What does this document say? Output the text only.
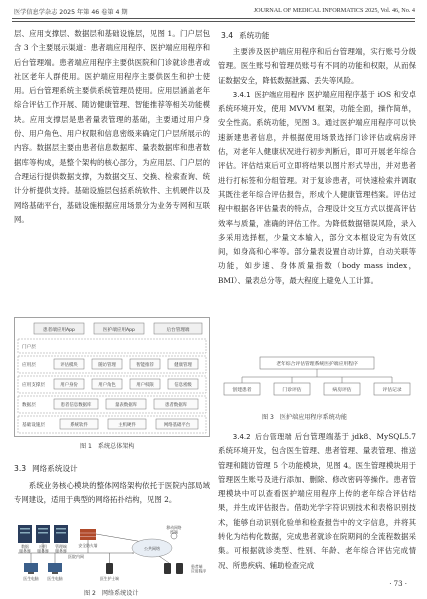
医学信息学杂志 2025 年第 46 卷第 4 期	JOURNAL OF MEDICAL INFORMATICS 2025, Vol. 46, No. 4

层、应用支撑层、数据层和基础设施层，见图 1。门户层包含 3 个主要展示渠道：患者端应用程序、医护端应用程序和后台管理端。患者端应用程序主要供医院和门诊就诊患者或社区老年人群使用。医护端应用程序主要供医生和护士使用。后台管理系统主要供系统管理员使用。应用层涵盖老年综合评估工作开展、随访健康管理、智能推荐等相关功能模块。应用支撑层是患者量表管理的基础，主要通过用户身份、用户角色、用户权限和信息密级来确定门户层所展示的内容。数据层主要由患者信息数据库、量表数据库和患者数据库等构成，是整个架构的核心部分，为应用层、门户层的合理运行提供数据支撑，为数据交互、交换、检索查询、统计分析提供支持。基础设施层包括系统软件、主机硬件以及网络基础平台，基础设施根据应用场景分为业务专网和互联网。

患者端应用App	医护端应用App	后台管理端
门户层
应用层	评估模块	随访管理	智能推荐	健康管理
应用支撑层	用户身份	用户角色	用户权限	信息密级
数据层	患者信息数据库	量表数据库	患者数据库
基础设施层	系统软件	主机硬件	网络基础平台
图 1 系统总体架构
3.3 网络系统设计

系统业务核心模块的整体网络架构依托于医院内部局域专网建设，适用于典型的网络拓扑结构，见图 2。

数据服务器
应用服务器
管理端服务器
安全防火墙
医院内网
医生电脑 医生电脑
公共网络
移动网络终端
医生护士端
患者端应用程序
图 2 网络系统设计
3.4 系统功能

主要涉及医护端应用程序和后台管理端，实行账号分级管理。医生账号和管理员账号有不同的功能和权限，从而保证数据安全，降低数据泄露、丢失等风险。

3.4.1 医护端应用程序 医护端应用程序基于 iOS 和安卓系统环境开发，使用 MVVM 框架，功能全面，操作简单，安全性高。系统功能，见图 3。通过医护端应用程序可以快速新建患者信息，并根据使用场景选择门诊评估或病房评估，对老年人健康状况进行初步判断后，即可开展老年综合评估。评估结束后可立即将结果以图片形式导出，并对患者进行打标签和分组管理。对于复诊患者，可快速检索并调取其既往老年综合评估报告，形成个人健康管理档案。评估过程中根据各评估量表的特点，合理设计交互方式以提高评估效率与质量，准确的评估工作。为降低数据错误风险，录入多采用选择框，少量文本输入，部分文本框设定为有效区间，如身高和心率等。部分量表设置自动计算，自动关联等功能，如步速、身体质量指数（body mass index，BMI）、量表总分等，最大程度上避免人工计算。

老年综合评估管理系统医护端应用程序
创建患者	门诊评估	病房评估	评估记录
图 3 医护端应用程序系统功能

3.4.2 后台管理端 后台管理端基于 jdk8、MySQL5.7 系统环境开发，包含医生管理、患者管理、量表管理、推送管理和随访管理 5 个功能模块，见图 4。医生管理模块用于管理医生账号及进行添加、删除、修改密码等操作。患者管理模块中可以查看医护端应用程序上传的老年综合评估结果，并生成评估报告。借助光学字符识别技术和表格识别技术，能够自动识别化验单和检查报告中的文字信息，并将其转化为结构化数据，完成患者就诊在院期间的全流程数据采集。可根据就诊类型、性别、年龄、老年综合评估完成情况、所患疾病、辅助检查完成

· 73 ·
